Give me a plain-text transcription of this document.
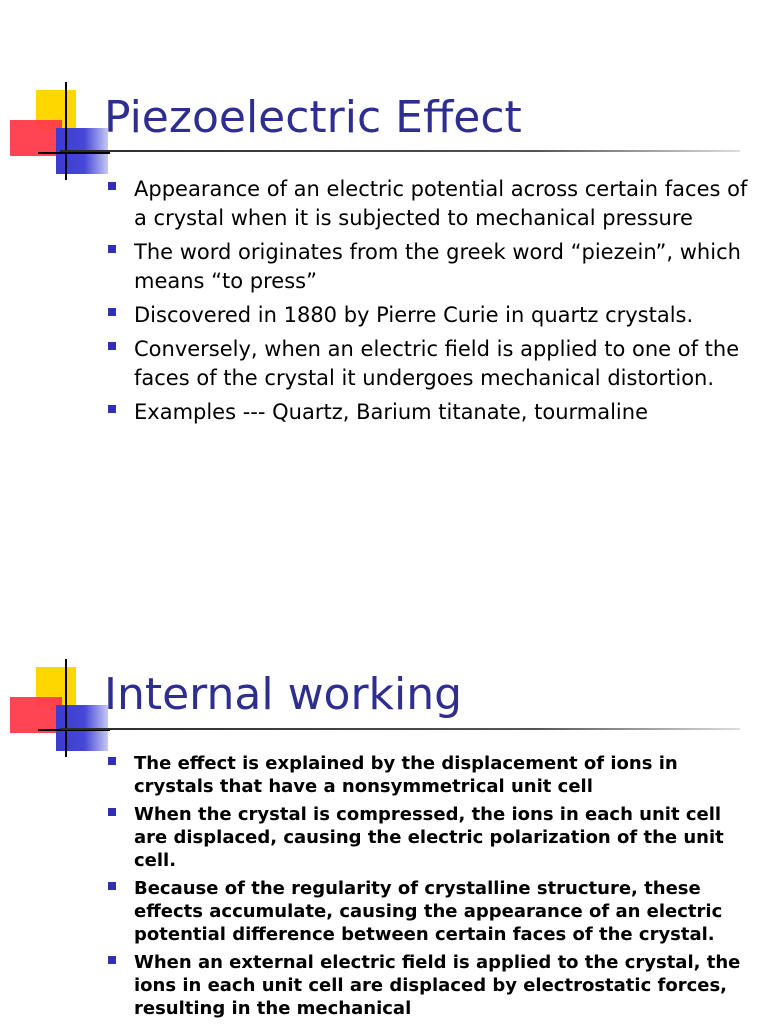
Piezoelectric Effect
Appearance of an electric potential across certain faces of a crystal when it is subjected to mechanical pressure
The word originates from the greek word “piezein”, which means “to press”
Discovered in 1880 by Pierre Curie in quartz crystals.
Conversely, when an electric field is applied to one of the faces of the crystal it undergoes mechanical distortion.
Examples --- Quartz, Barium titanate, tourmaline
Internal working
The effect is explained by the displacement of ions in crystals that have a nonsymmetrical unit cell
When the crystal is compressed, the ions in each unit cell are displaced, causing the electric polarization of the unit cell.
Because of the regularity of crystalline structure, these effects accumulate, causing the appearance of an electric potential difference between certain faces of the crystal.
When an external electric field is applied to the crystal, the ions in each unit cell are displaced by electrostatic forces, resulting in the mechanical
